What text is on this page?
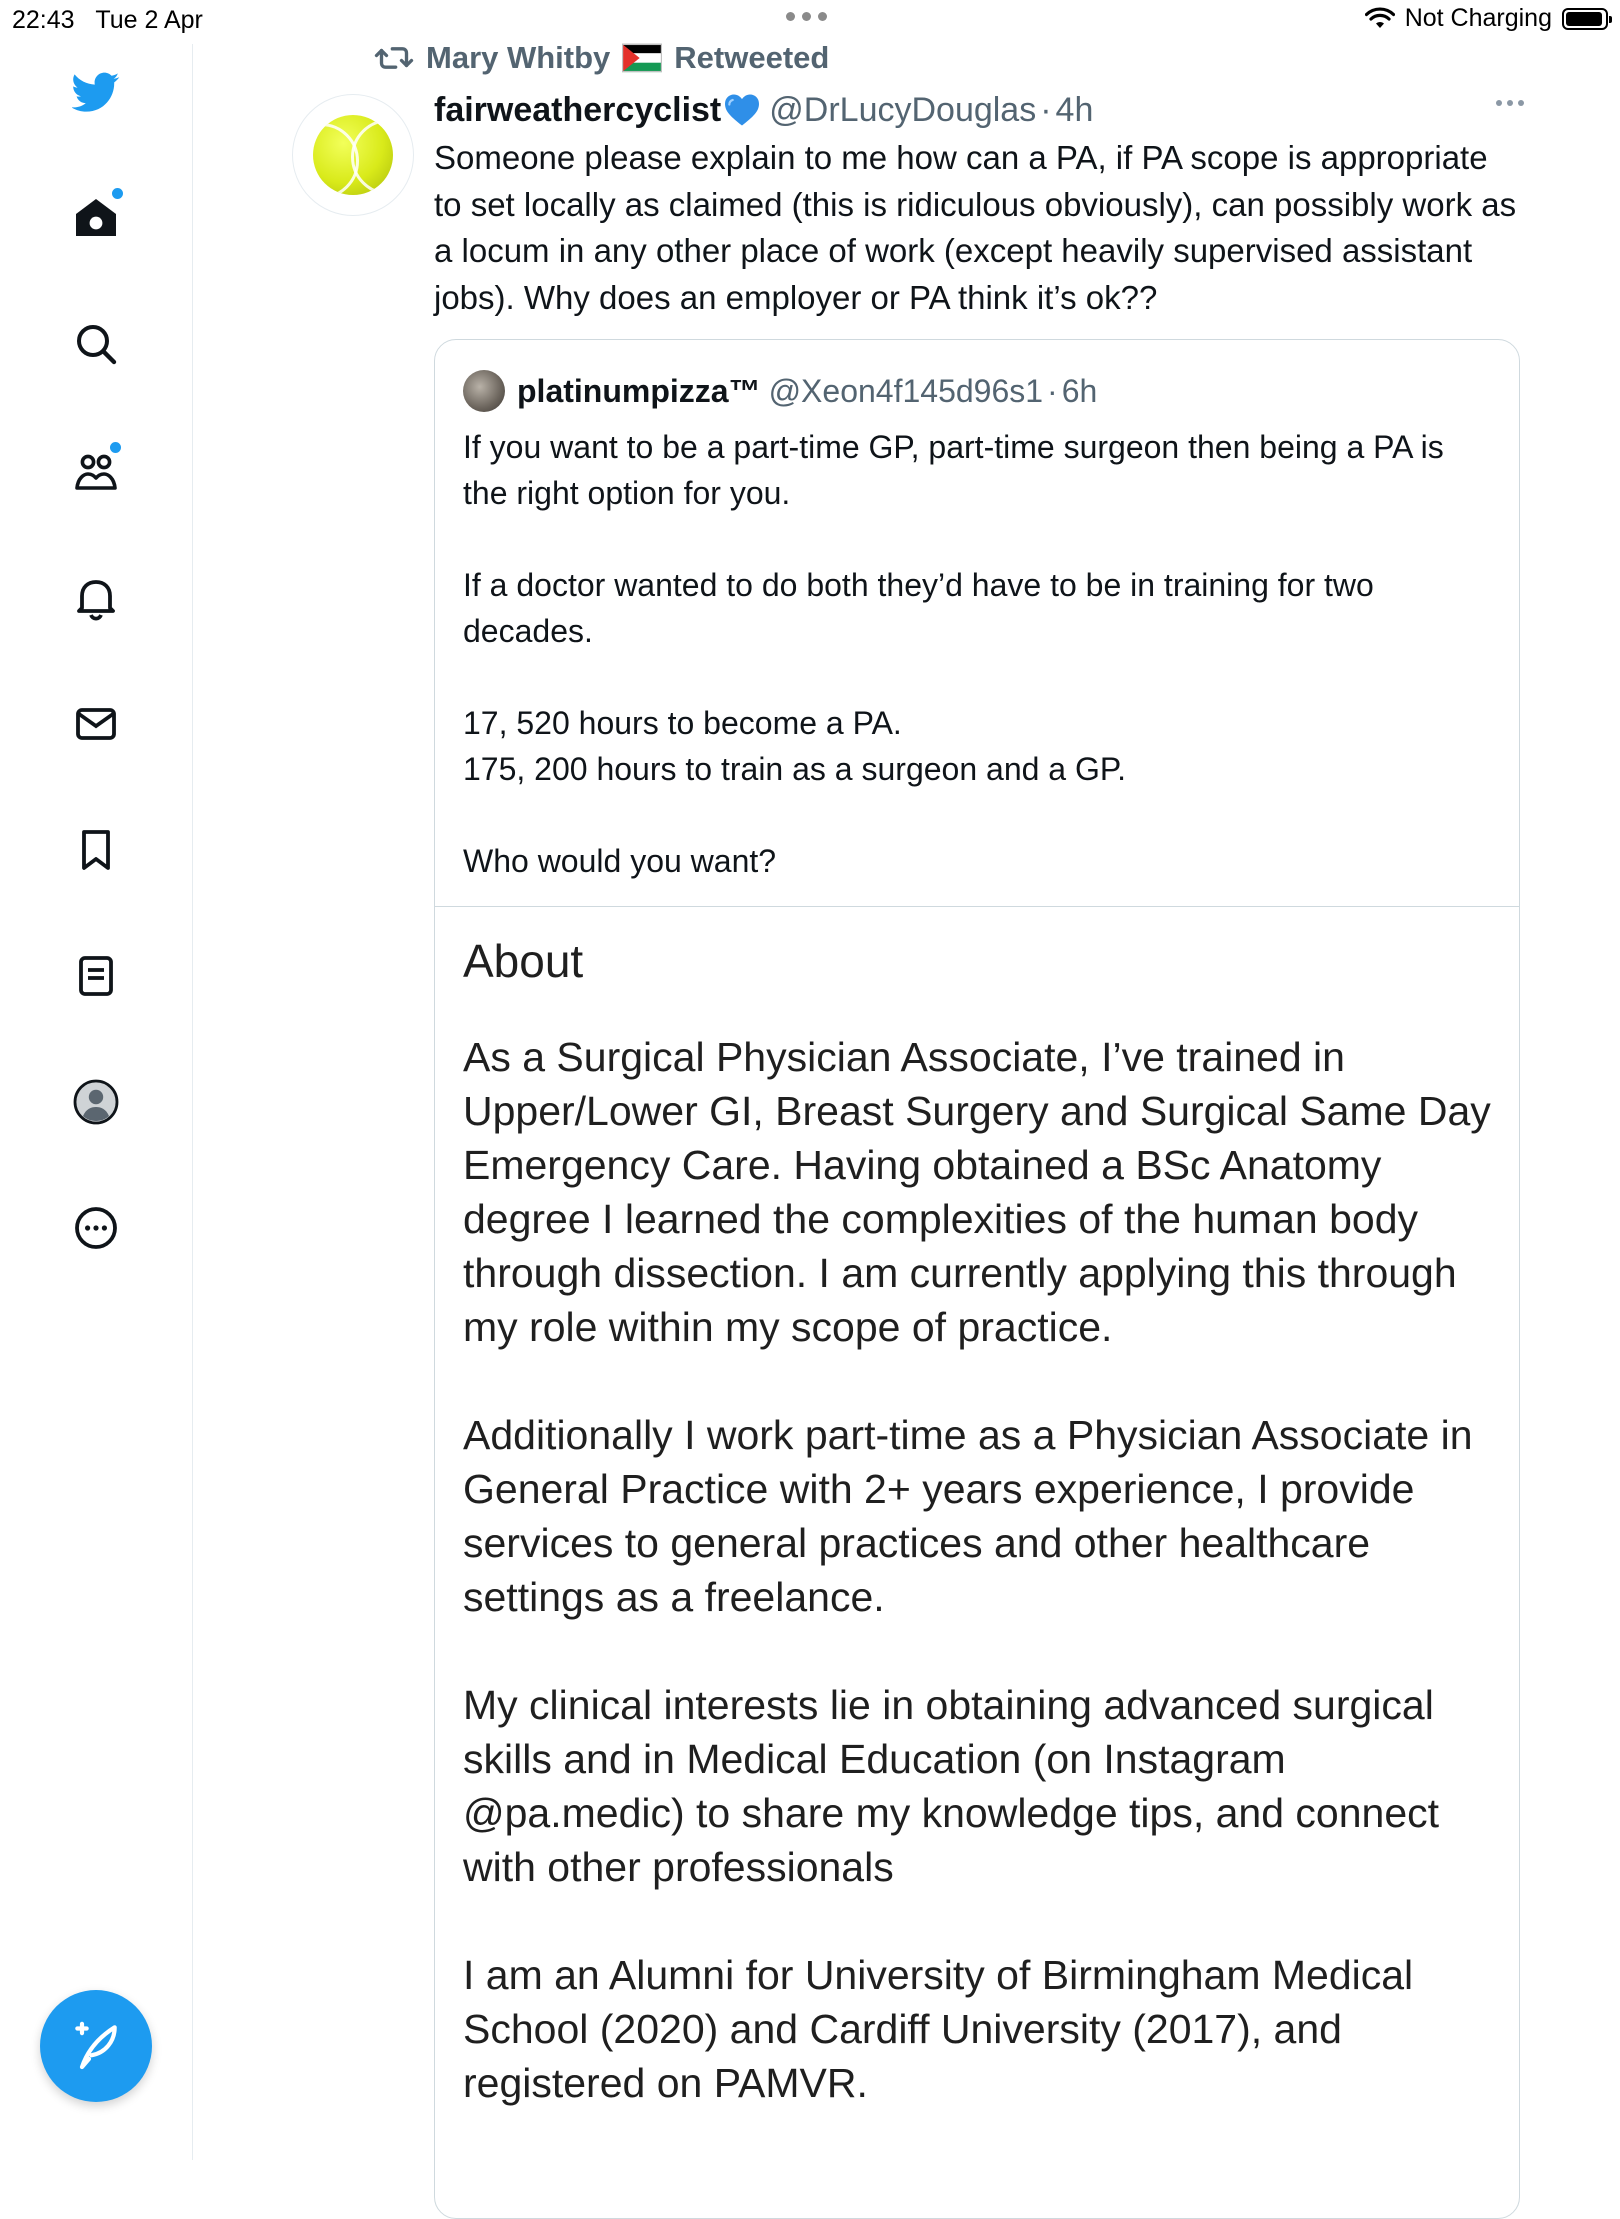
22:43 Tue 2 Apr	Not Charging
Mary Whitby Retweeted
fairweathercyclist @DrLucyDouglas · 4h
Someone please explain to me how can a PA, if PA scope is appropriate to set locally as claimed (this is ridiculous obviously), can possibly work as a locum in any other place of work (except heavily supervised assistant jobs). Why does an employer or PA think it’s ok??
platinumpizza™ @Xeon4f145d96s1 · 6h

If you want to be a part-time GP, part-time surgeon then being a PA is the right option for you.

If a doctor wanted to do both they’d have to be in training for two decades.

17, 520 hours to become a PA.
175, 200 hours to train as a surgeon and a GP.

Who would you want?

About

As a Surgical Physician Associate, I’ve trained in Upper/Lower GI, Breast Surgery and Surgical Same Day Emergency Care. Having obtained a BSc Anatomy degree I learned the complexities of the human body through dissection. I am currently applying this through my role within my scope of practice.

Additionally I work part-time as a Physician Associate in General Practice with 2+ years experience, I provide services to general practices and other healthcare settings as a freelance.

My clinical interests lie in obtaining advanced surgical skills and in Medical Education (on Instagram @pa.medic) to share my knowledge tips, and connect with other professionals

I am an Alumni for University of Birmingham Medical School (2020) and Cardiff University (2017), and registered on PAMVR.
